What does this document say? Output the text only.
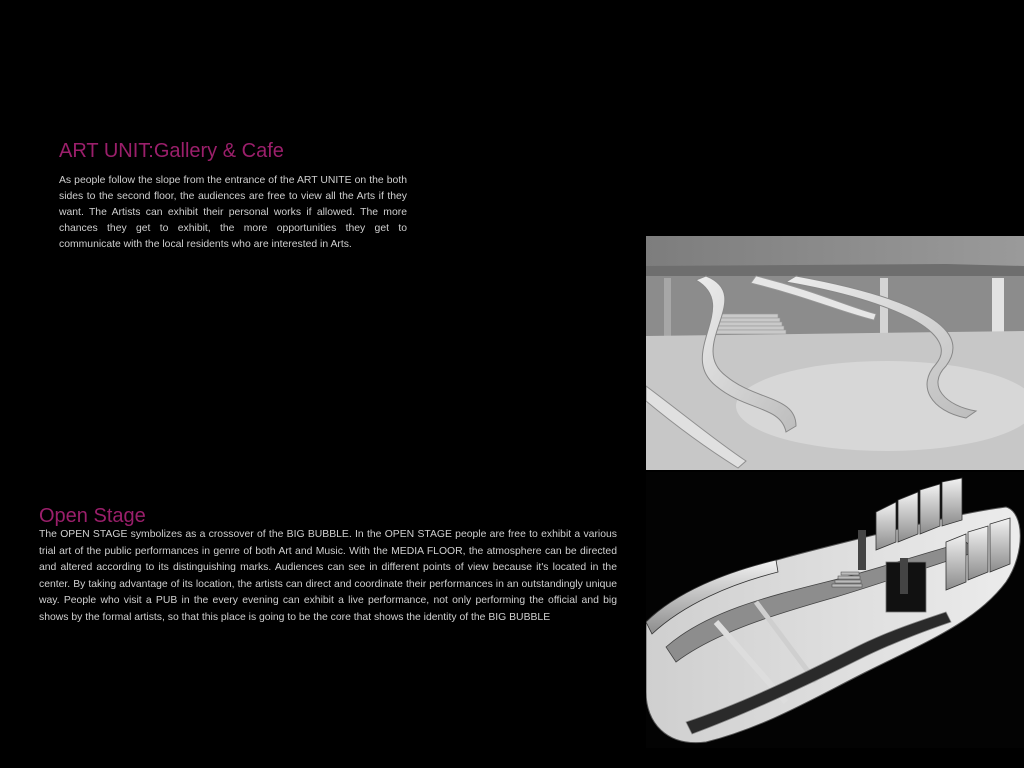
ART UNIT:Gallery & Cafe

As people follow the slope from the entrance of the ART UNITE on the both sides to the second floor, the audiences are free to view all the Arts if they want. The Artists can exhibit their personal works if allowed. The more chances they get to exhibit, the more opportunities they get to communicate with the local residents who are interested in Arts.

Open Stage

The OPEN STAGE symbolizes as a crossover of the BIG BUBBLE. In the OPEN STAGE people are free to exhibit a various trial art of the public performances in genre of both Art and Music. With the MEDIA FLOOR, the atmosphere can be directed and altered according to its distinguishing marks. Audiences can see in different points of view because it's located in the center. By taking advantage of its location, the artists can direct and coordinate their performances in an outstandingly unique way. People who visit a PUB in the every evening can exhibit a live performance, not only performing the official and big shows by the formal artists, so that this place is going to be the core that shows the identity of the BIG BUBBLE
